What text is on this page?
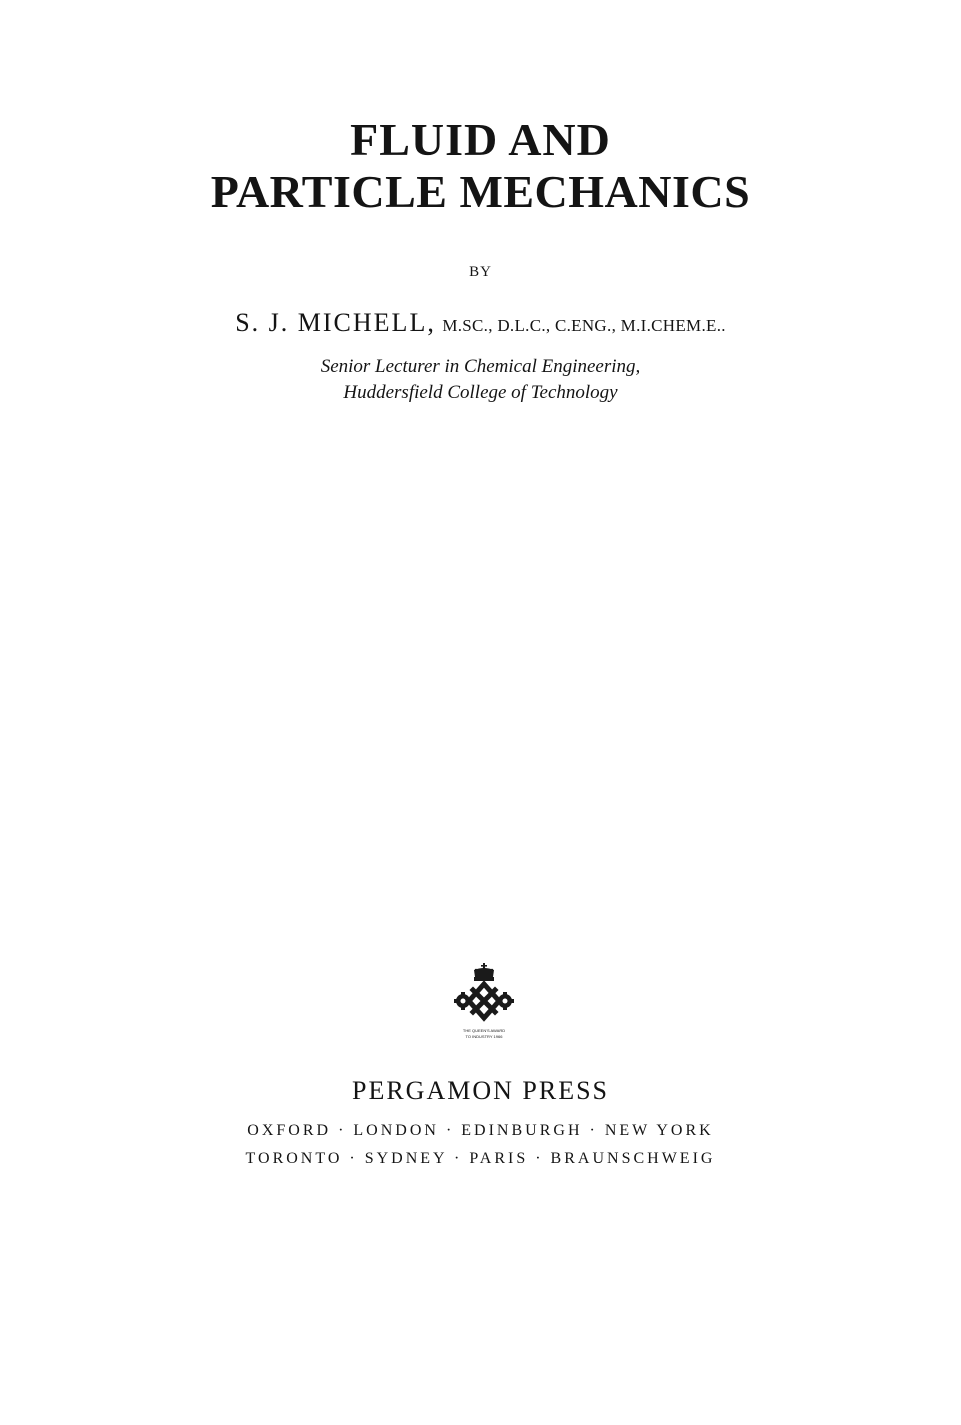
FLUID AND
PARTICLE MECHANICS
BY
S. J. MICHELL, M.SC., D.L.C., C.ENG., M.I.CHEM.E..
Senior Lecturer in Chemical Engineering,
Huddersfield College of Technology
THE QUEEN'S AWARD
TO INDUSTRY 1966
PERGAMON PRESS
OXFORD · LONDON · EDINBURGH · NEW YORK
TORONTO · SYDNEY · PARIS · BRAUNSCHWEIG
